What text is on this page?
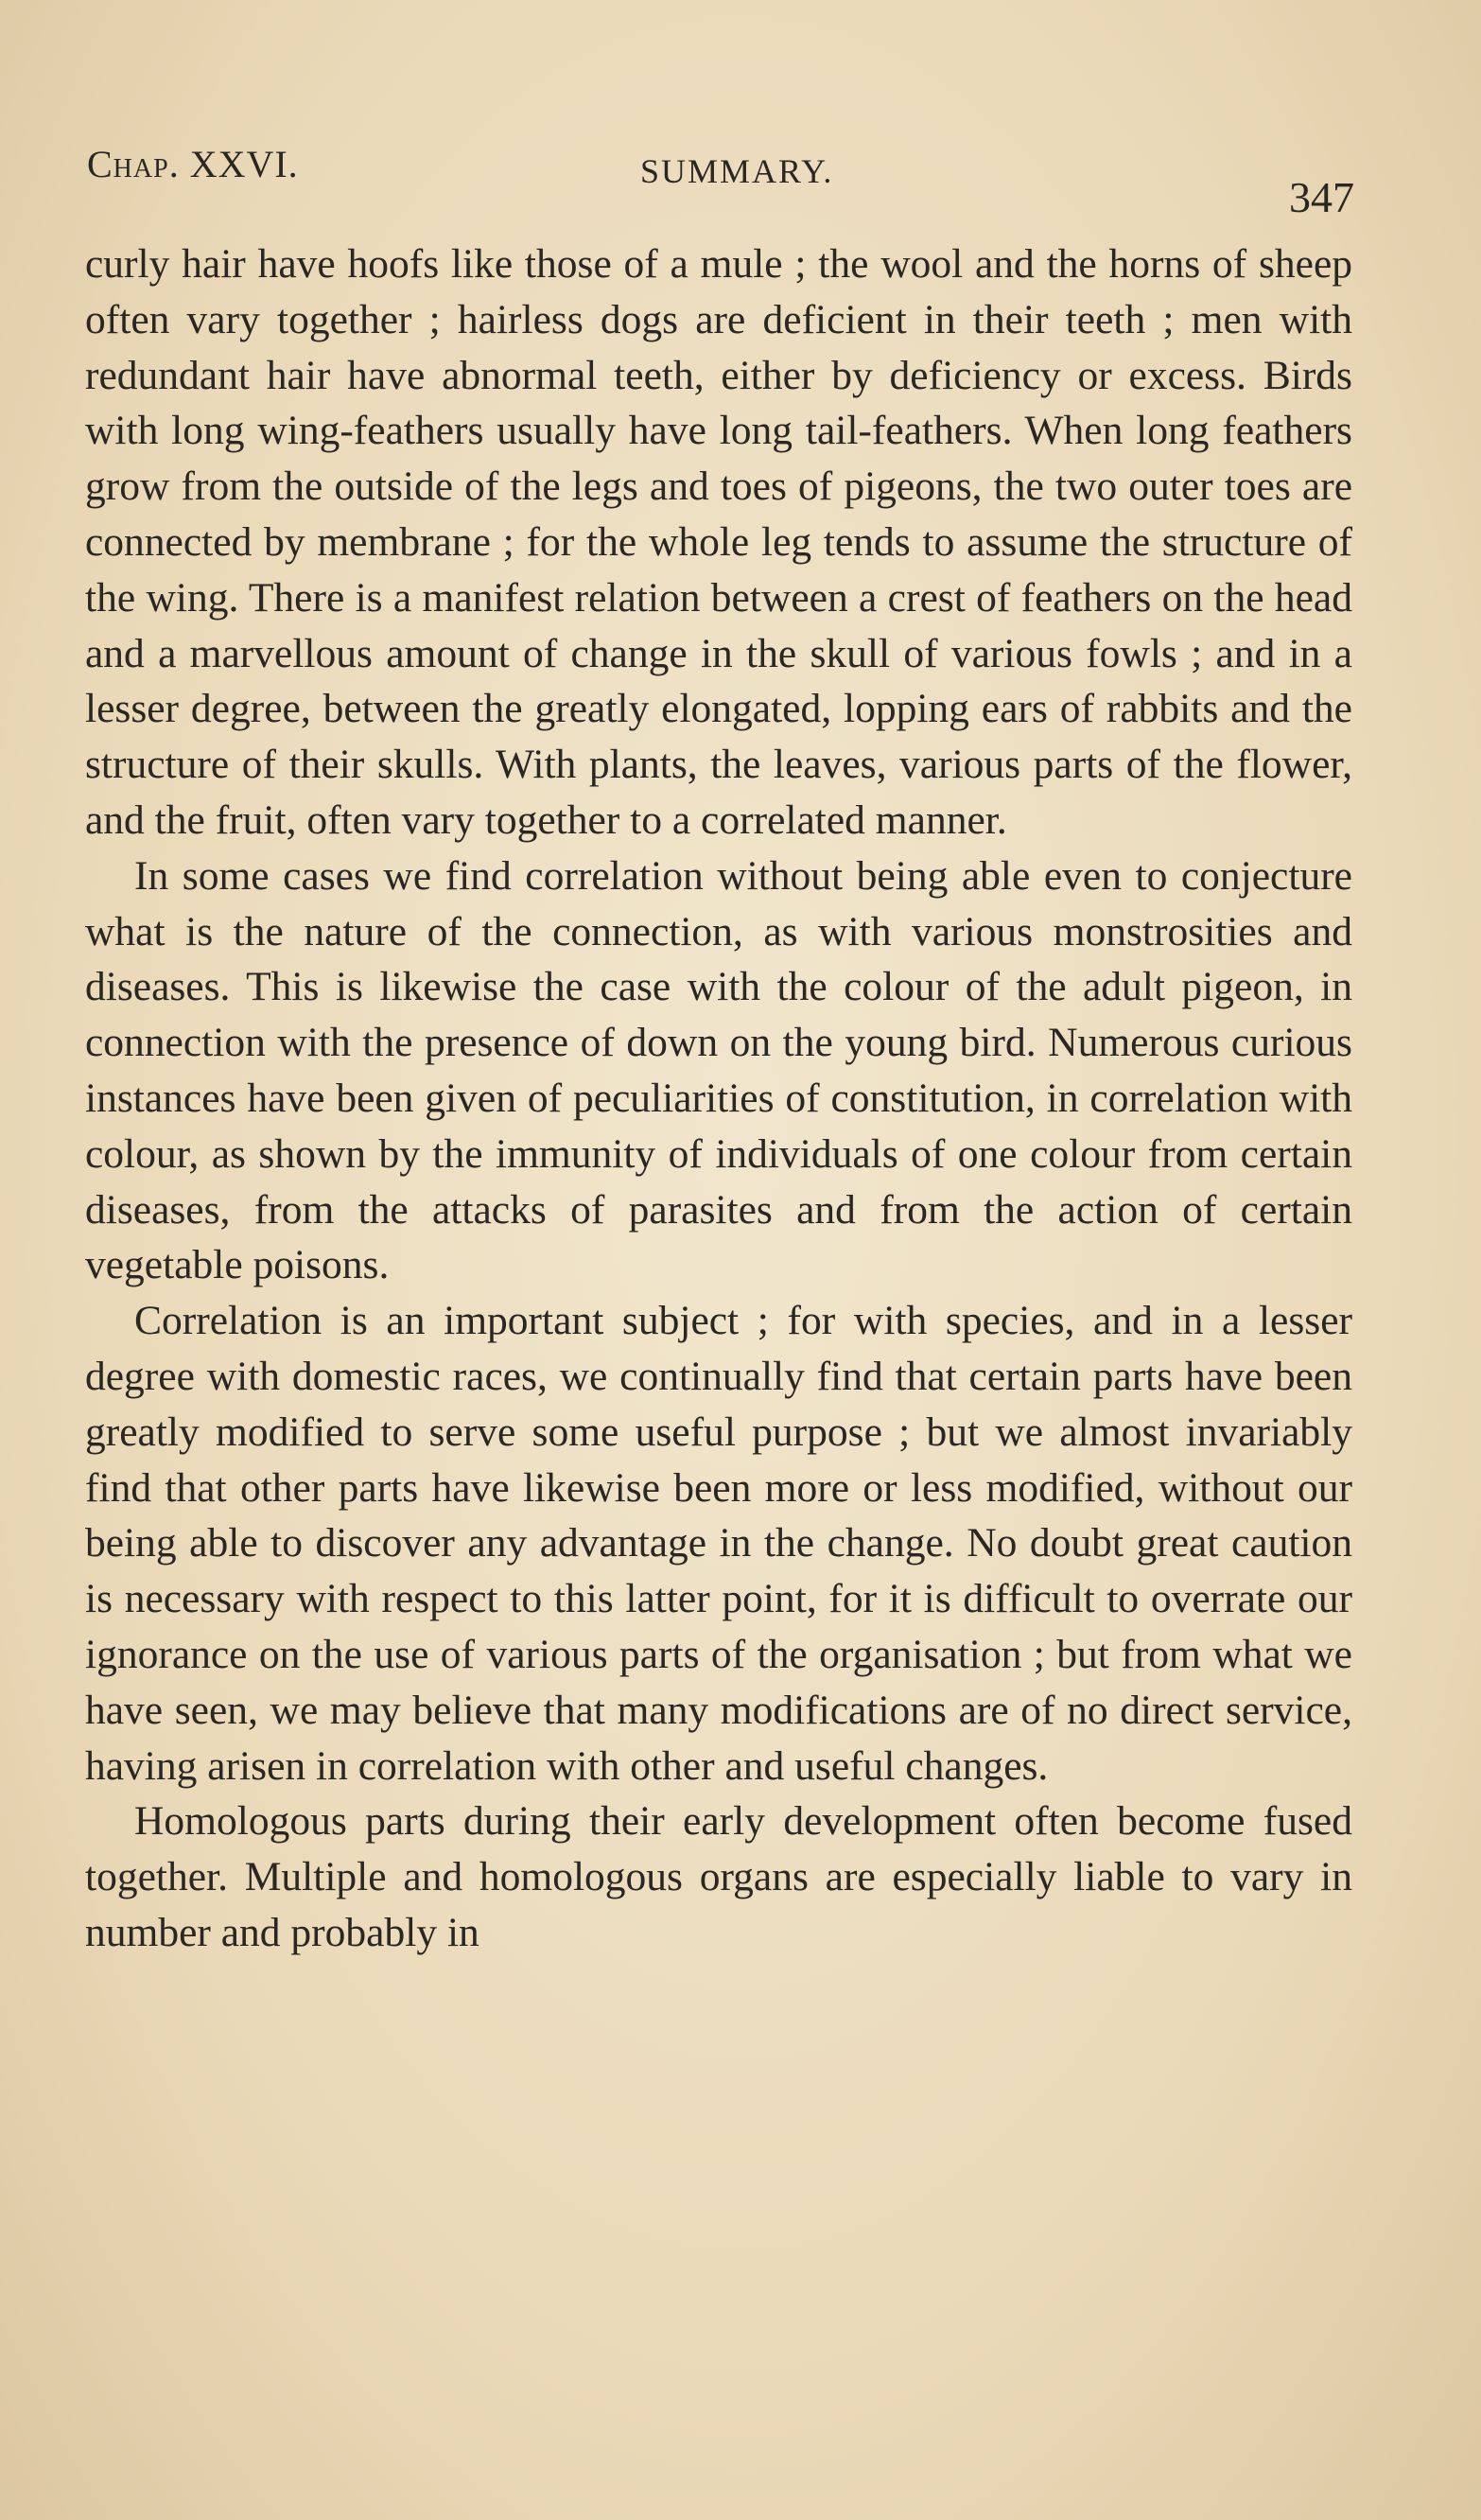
Chap. XXVI.	SUMMARY.
347

curly hair have hoofs like those of a mule ; the wool and the horns of sheep often vary together ; hairless dogs are deficient in their teeth ; men with redundant hair have abnormal teeth, either by deficiency or excess. Birds with long wing-feathers usually have long tail-feathers. When long feathers grow from the outside of the legs and toes of pigeons, the two outer toes are connected by membrane ; for the whole leg tends to assume the structure of the wing. There is a manifest relation between a crest of feathers on the head and a marvellous amount of change in the skull of various fowls ; and in a lesser degree, between the greatly elongated, lopping ears of rabbits and the structure of their skulls. With plants, the leaves, various parts of the flower, and the fruit, often vary together to a correlated manner.

In some cases we find correlation without being able even to conjecture what is the nature of the connection, as with various monstrosities and diseases. This is likewise the case with the colour of the adult pigeon, in connection with the presence of down on the young bird. Numerous curious instances have been given of peculiarities of constitution, in correlation with colour, as shown by the immunity of individuals of one colour from certain diseases, from the attacks of parasites and from the action of certain vegetable poisons.

Correlation is an important subject ; for with species, and in a lesser degree with domestic races, we continually find that certain parts have been greatly modified to serve some useful purpose ; but we almost invariably find that other parts have likewise been more or less modified, without our being able to discover any advantage in the change. No doubt great caution is necessary with respect to this latter point, for it is difficult to overrate our ignorance on the use of various parts of the organisation ; but from what we have seen, we may believe that many modifications are of no direct service, having arisen in correlation with other and useful changes.

Homologous parts during their early development often become fused together. Multiple and homologous organs are especially liable to vary in number and probably in
